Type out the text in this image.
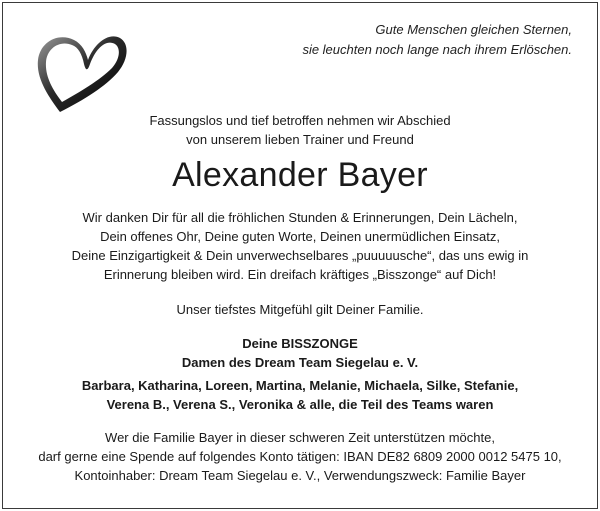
Gute Menschen gleichen Sternen,
sie leuchten noch lange nach ihrem Erlöschen.
Fassungslos und tief betroffen nehmen wir Abschied
von unserem lieben Trainer und Freund
Alexander Bayer
Wir danken Dir für all die fröhlichen Stunden & Erinnerungen, Dein Lächeln,
Dein offenes Ohr, Deine guten Worte, Deinen unermüdlichen Einsatz,
Deine Einzigartigkeit & Dein unverwechselbares „puuuuusche“, das uns ewig in
Erinnerung bleiben wird. Ein dreifach kräftiges „Bisszonge“ auf Dich!
Unser tiefstes Mitgefühl gilt Deiner Familie.
Deine BISSZONGE
Damen des Dream Team Siegelau e. V.
Barbara, Katharina, Loreen, Martina, Melanie, Michaela, Silke, Stefanie,
Verena B., Verena S., Veronika & alle, die Teil des Teams waren
Wer die Familie Bayer in dieser schweren Zeit unterstützen möchte,
darf gerne eine Spende auf folgendes Konto tätigen: IBAN DE82 6809 2000 0012 5475 10,
Kontoinhaber: Dream Team Siegelau e. V., Verwendungszweck: Familie Bayer
